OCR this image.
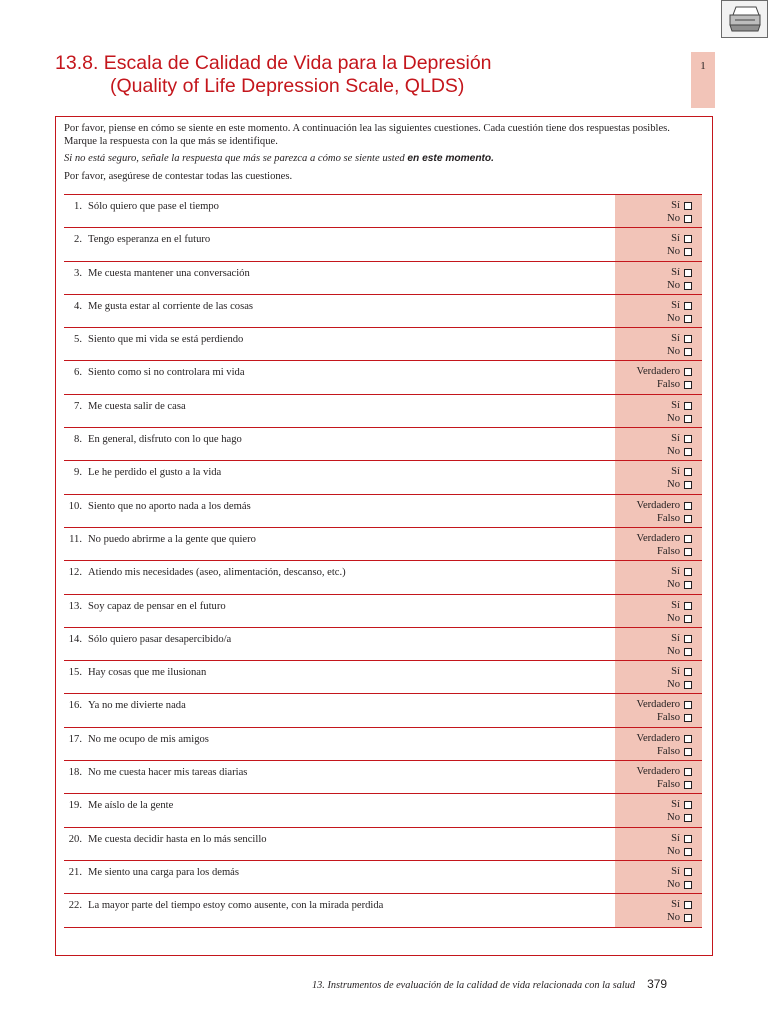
13.8. Escala de Calidad de Vida para la Depresión
(Quality of Life Depression Scale, QLDS)
1

Por favor, piense en cómo se siente en este momento. A continuación lea las siguientes cuestiones. Cada cuestión tiene dos respuestas posibles. Marque la respuesta con la que más se identifique.

Si no está seguro, señale la respuesta que más se parezca a cómo se siente usted en este momento.

Por favor, asegúrese de contestar todas las cuestiones.

1. Sólo quiero que pase el tiempo	Sí
No
2. Tengo esperanza en el futuro	Sí
No
3. Me cuesta mantener una conversación	Sí
No
4. Me gusta estar al corriente de las cosas	Sí
No
5. Siento que mi vida se está perdiendo	Sí
No
6. Siento como si no controlara mi vida	Verdadero
Falso
7. Me cuesta salir de casa	Sí
No
8. En general, disfruto con lo que hago	Sí
No
9. Le he perdido el gusto a la vida	Sí
No
10. Siento que no aporto nada a los demás	Verdadero
Falso
11. No puedo abrirme a la gente que quiero	Verdadero
Falso
12. Atiendo mis necesidades (aseo, alimentación, descanso, etc.)	Sí
No
13. Soy capaz de pensar en el futuro	Sí
No
14. Sólo quiero pasar desapercibido/a	Sí
No
15. Hay cosas que me ilusionan	Sí
No
16. Ya no me divierte nada	Verdadero
Falso
17. No me ocupo de mis amigos	Verdadero
Falso
18. No me cuesta hacer mis tareas diarias	Verdadero
Falso
19. Me aíslo de la gente	Sí
No
20. Me cuesta decidir hasta en lo más sencillo	Sí
No
21. Me siento una carga para los demás	Sí
No
22. La mayor parte del tiempo estoy como ausente, con la mirada perdida	Sí
No
13. Instrumentos de evaluación de la calidad de vida relacionada con la salud 379
